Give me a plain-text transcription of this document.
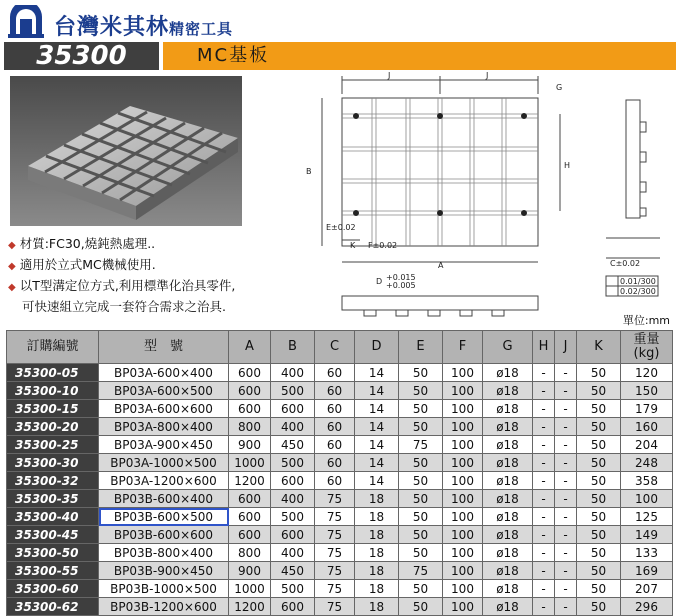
台灣米其林精密工具
35300	MC基板
J	J
G
B
H
A
K F±0.02
E±0.02
D +0.015
+0.005
C±0.02
0.01/300
0.02/300
◆ 材質:FC30,燒鈍熱處理..
◆ 適用於立式MC機械使用.
◆ 以T型溝定位方式,利用標準化治具零件,
可快速組立完成一套符合需求之治具.
單位:mm
訂購編號	型　號	A	B	C	D	E	F	G	H	J	K	重量
(kg)
35300-05	BP03A-600×400	600	400	60	14	50	100	ø18	-	-	50	120
35300-10	BP03A-600×500	600	500	60	14	50	100	ø18	-	-	50	150
35300-15	BP03A-600×600	600	600	60	14	50	100	ø18	-	-	50	179
35300-20	BP03A-800×400	800	400	60	14	50	100	ø18	-	-	50	160
35300-25	BP03A-900×450	900	450	60	14	75	100	ø18	-	-	50	204
35300-30	BP03A-1000×500	1000	500	60	14	50	100	ø18	-	-	50	248
35300-32	BP03A-1200×600	1200	600	60	14	50	100	ø18	-	-	50	358
35300-35	BP03B-600×400	600	400	75	18	50	100	ø18	-	-	50	100
35300-40	BP03B-600×500	600	500	75	18	50	100	ø18	-	-	50	125
35300-45	BP03B-600×600	600	600	75	18	50	100	ø18	-	-	50	149
35300-50	BP03B-800×400	800	400	75	18	50	100	ø18	-	-	50	133
35300-55	BP03B-900×450	900	450	75	18	75	100	ø18	-	-	50	169
35300-60	BP03B-1000×500	1000	500	75	18	50	100	ø18	-	-	50	207
35300-62	BP03B-1200×600	1200	600	75	18	50	100	ø18	-	-	50	296
